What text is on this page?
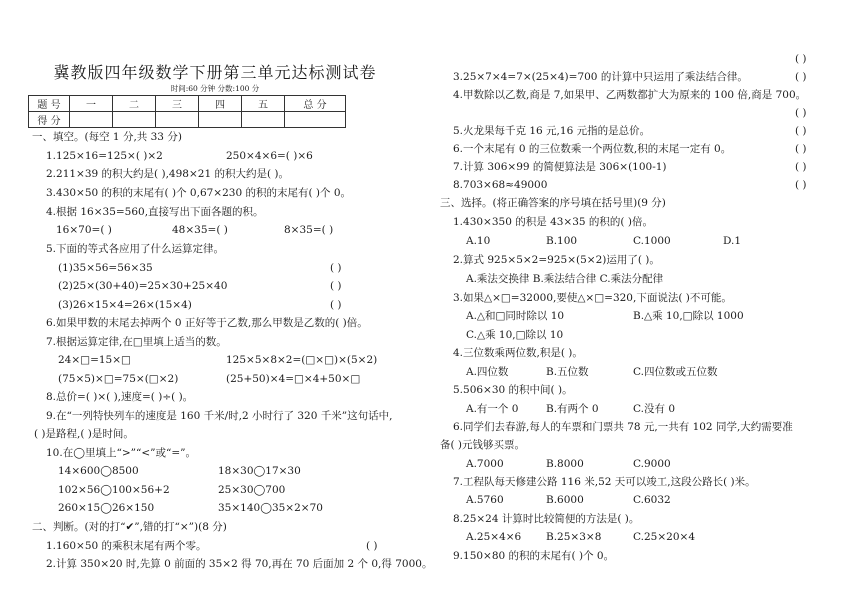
冀教版四年级数学下册第三单元达标测试卷
时间:60 分钟 分数:100 分
题 号	一	二	三	四	五	总 分
得 分						
一、填空。(每空 1 分,共 33 分)
1.125×16=125×( )×2	250×4×6=( )×6
2.211×39 的积大约是( ),498×21 的积大约是( )。
3.430×50 的积的末尾有( )个 0,67×230 的积的末尾有( )个 0。
4.根据 16×35=560,直接写出下面各题的积。
16×70=( )	48×35=( )	8×35=( )
5.下面的等式各应用了什么运算定律。
(1)35×56=56×35	( )
(2)25×(30+40)=25×30+25×40	( )
(3)26×15×4=26×(15×4)	( )
6.如果甲数的末尾去掉两个 0 正好等于乙数,那么甲数是乙数的( )倍。
7.根据运算定律,在□里填上适当的数。
24×□=15×□	125×5×8×2=(□×□)×(5×2)
(75×5)×□=75×(□×2)	(25+50)×4=□×4+50×□
8.总价=( )×( ),速度=( )÷( )。
9.在“一列特快列车的速度是 160 千米/时,2 小时行了 320 千米”这句话中,
( )是路程,( )是时间。
10.在◯里填上“>”“<”或“=”。
14×600◯8500	18×30◯17×30
102×56◯100×56+2	25×30◯700
260×15◯26×150	35×140◯35×2×70
二、判断。(对的打“✔”,错的打“×”)(8 分)
1.160×50 的乘积末尾有两个零。	( )
2.计算 350×20 时,先算 0 前面的 35×2 得 70,再在 70 后面加 2 个 0,得 7000。
( )
3.25×7×4=7×(25×4)=700 的计算中只运用了乘法结合律。	( )
4.甲数除以乙数,商是 7,如果甲、乙两数都扩大为原来的 100 倍,商是 700。
( )
5.火龙果每千克 16 元,16 元指的是总价。	( )
6.一个末尾有 0 的三位数乘一个两位数,积的末尾一定有 0。	( )
7.计算 306×99 的简便算法是 306×(100-1)	( )
8.703×68≈49000	( )
三、选择。(将正确答案的序号填在括号里)(9 分)
1.430×350 的积是 43×35 的积的( )倍。
A.10	B.100	C.1000	D.1
2.算式 925×5×2=925×(5×2)运用了( )。
A.乘法交换律 B.乘法结合律 C.乘法分配律
3.如果△×□=32000,要使△×□=320,下面说法( )不可能。
A.△和□同时除以 10	B.△乘 10,□除以 1000
C.△乘 10,□除以 10
4.三位数乘两位数,积是( )。
A.四位数	B.五位数	C.四位数或五位数
5.506×30 的积中间( )。
A.有一个 0	B.有两个 0	C.没有 0
6.同学们去春游,每人的车票和门票共 78 元,一共有 102 同学,大约需要准
备( )元钱够买票。
A.7000	B.8000	C.9000
7.工程队每天修建公路 116 米,52 天可以竣工,这段公路长( )米。
A.5760	B.6000	C.6032
8.25×24 计算时比较简便的方法是( )。
A.25×4×6 B.25×3×8	C.25×20×4
9.150×80 的积的末尾有( )个 0。
